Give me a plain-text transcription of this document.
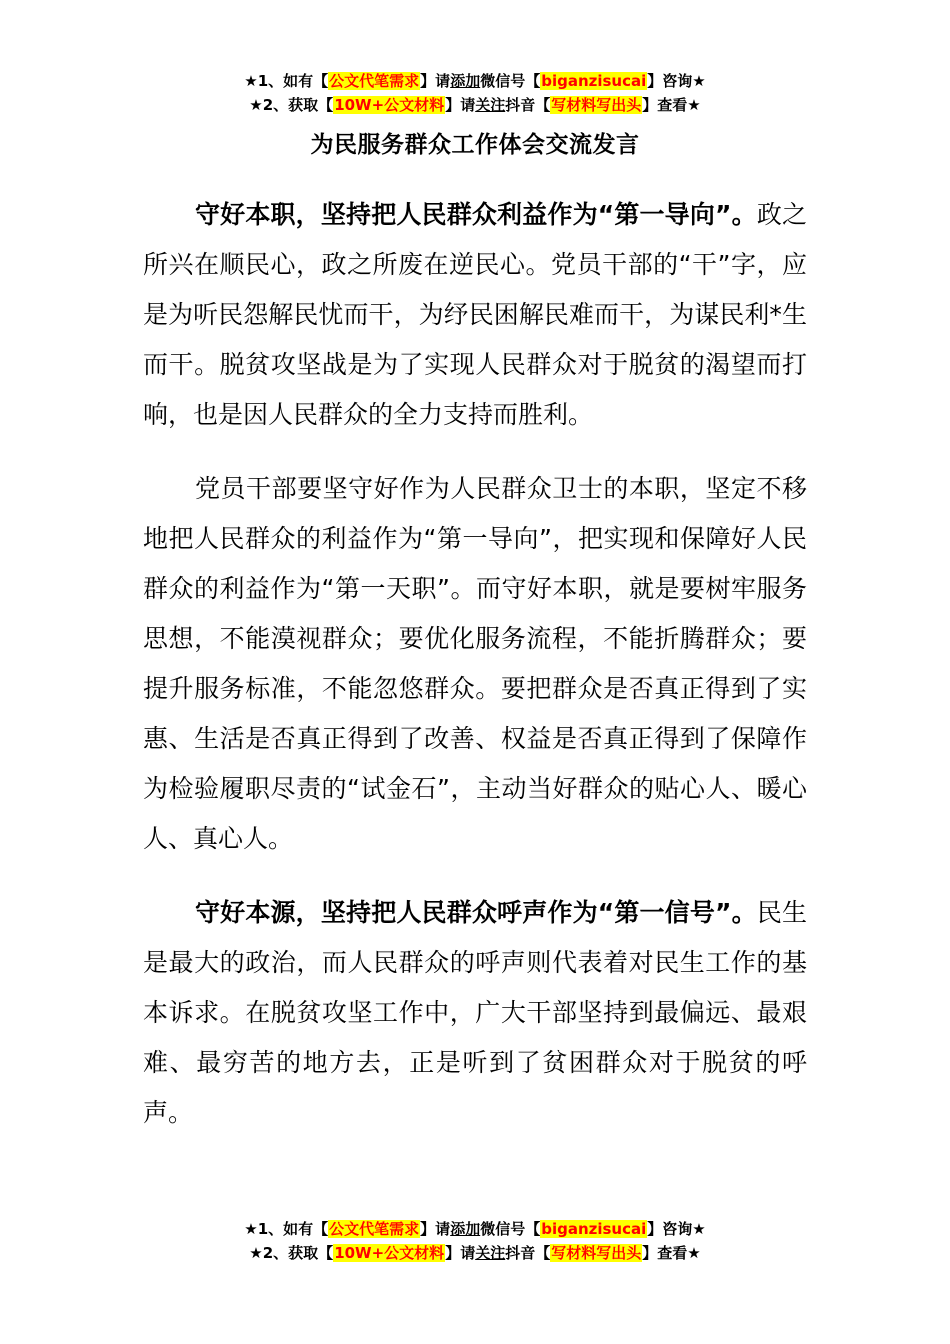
★1、如有【公文代笔需求】请添加微信号【biganzisucai】咨询★
★2、获取【10W+公文材料】请关注抖音【写材料写出头】查看★
为民服务群众工作体会交流发言

守好本职，坚持把人民群众利益作为“第一导向”。政之所兴在顺民心，政之所废在逆民心。党员干部的“干”字，应是为听民怨解民忧而干，为纾民困解民难而干，为谋民利*生而干。脱贫攻坚战是为了实现人民群众对于脱贫的渴望而打响，也是因人民群众的全力支持而胜利。

党员干部要坚守好作为人民群众卫士的本职，坚定不移地把人民群众的利益作为“第一导向”，把实现和保障好人民群众的利益作为“第一天职”。而守好本职，就是要树牢服务思想，不能漠视群众；要优化服务流程，不能折腾群众；要提升服务标准，不能忽悠群众。要把群众是否真正得到了实惠、生活是否真正得到了改善、权益是否真正得到了保障作为检验履职尽责的“试金石”，主动当好群众的贴心人、暖心人、真心人。

守好本源，坚持把人民群众呼声作为“第一信号”。民生是最大的政治，而人民群众的呼声则代表着对民生工作的基本诉求。在脱贫攻坚工作中，广大干部坚持到最偏远、最艰难、最穷苦的地方去，正是听到了贫困群众对于脱贫的呼声。

★1、如有【公文代笔需求】请添加微信号【biganzisucai】咨询★
★2、获取【10W+公文材料】请关注抖音【写材料写出头】查看★
